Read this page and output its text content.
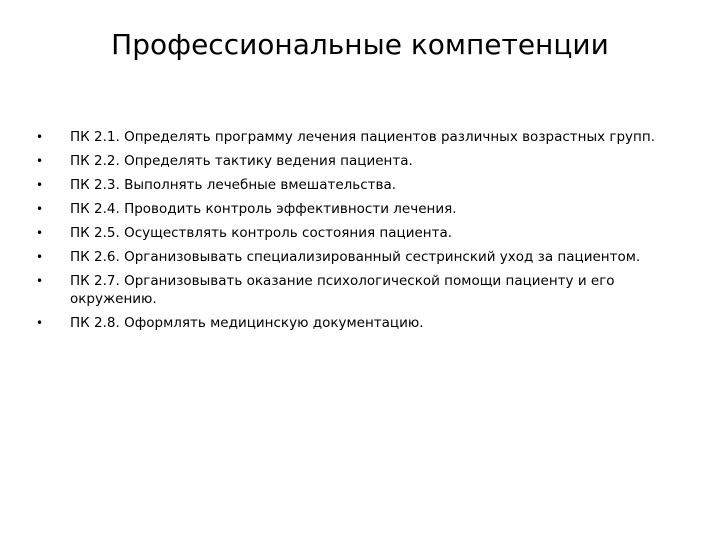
Профессиональные компетенции
•	ПК 2.1. Определять программу лечения пациентов различных возрастных групп.
•	ПК 2.2. Определять тактику ведения пациента.
•	ПК 2.3. Выполнять лечебные вмешательства.
•	ПК 2.4. Проводить контроль эффективности лечения.
•	ПК 2.5. Осуществлять контроль состояния пациента.
•	ПК 2.6. Организовывать специализированный сестринский уход за пациентом.
•	ПК 2.7. Организовывать оказание психологической помощи пациенту и его окружению.
•	ПК 2.8. Оформлять медицинскую документацию.
